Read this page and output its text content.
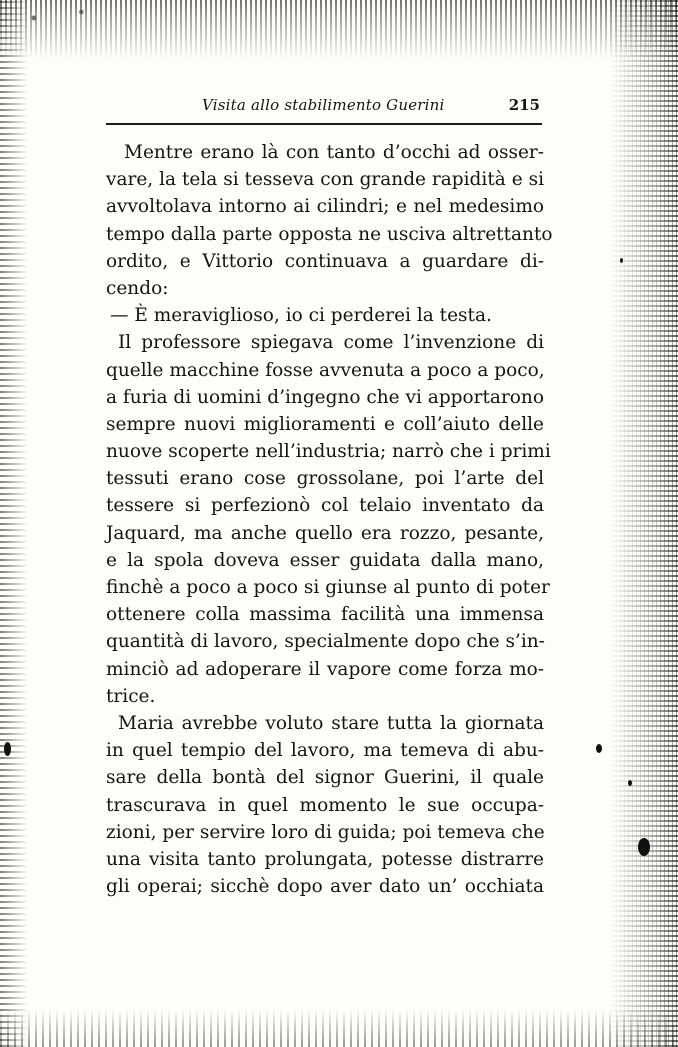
Visita allo stabilimento Guerini	215
Mentre erano là con tanto d’occhi ad osser-
vare, la tela si tesseva con grande rapidità e si
avvoltolava intorno ai cilindri; e nel medesimo
tempo dalla parte opposta ne usciva altrettanto
ordito, e Vittorio continuava a guardare di-
cendo:
— È meraviglioso, io ci perderei la testa.
Il professore spiegava come l’invenzione di
quelle macchine fosse avvenuta a poco a poco,
a furia di uomini d’ingegno che vi apportarono
sempre nuovi miglioramenti e coll’aiuto delle
nuove scoperte nell’industria; narrò che i primi
tessuti erano cose grossolane, poi l’arte del
tessere si perfezionò col telaio inventato da
Jaquard, ma anche quello era rozzo, pesante,
e la spola doveva esser guidata dalla mano,
finchè a poco a poco si giunse al punto di poter
ottenere colla massima facilità una immensa
quantità di lavoro, specialmente dopo che s’in-
minciò ad adoperare il vapore come forza mo-
trice.
Maria avrebbe voluto stare tutta la giornata
in quel tempio del lavoro, ma temeva di abu-
sare della bontà del signor Guerini, il quale
trascurava in quel momento le sue occupa-
zioni, per servire loro di guida; poi temeva che
una visita tanto prolungata, potesse distrarre
gli operai; sicchè dopo aver dato un’ occhiata
